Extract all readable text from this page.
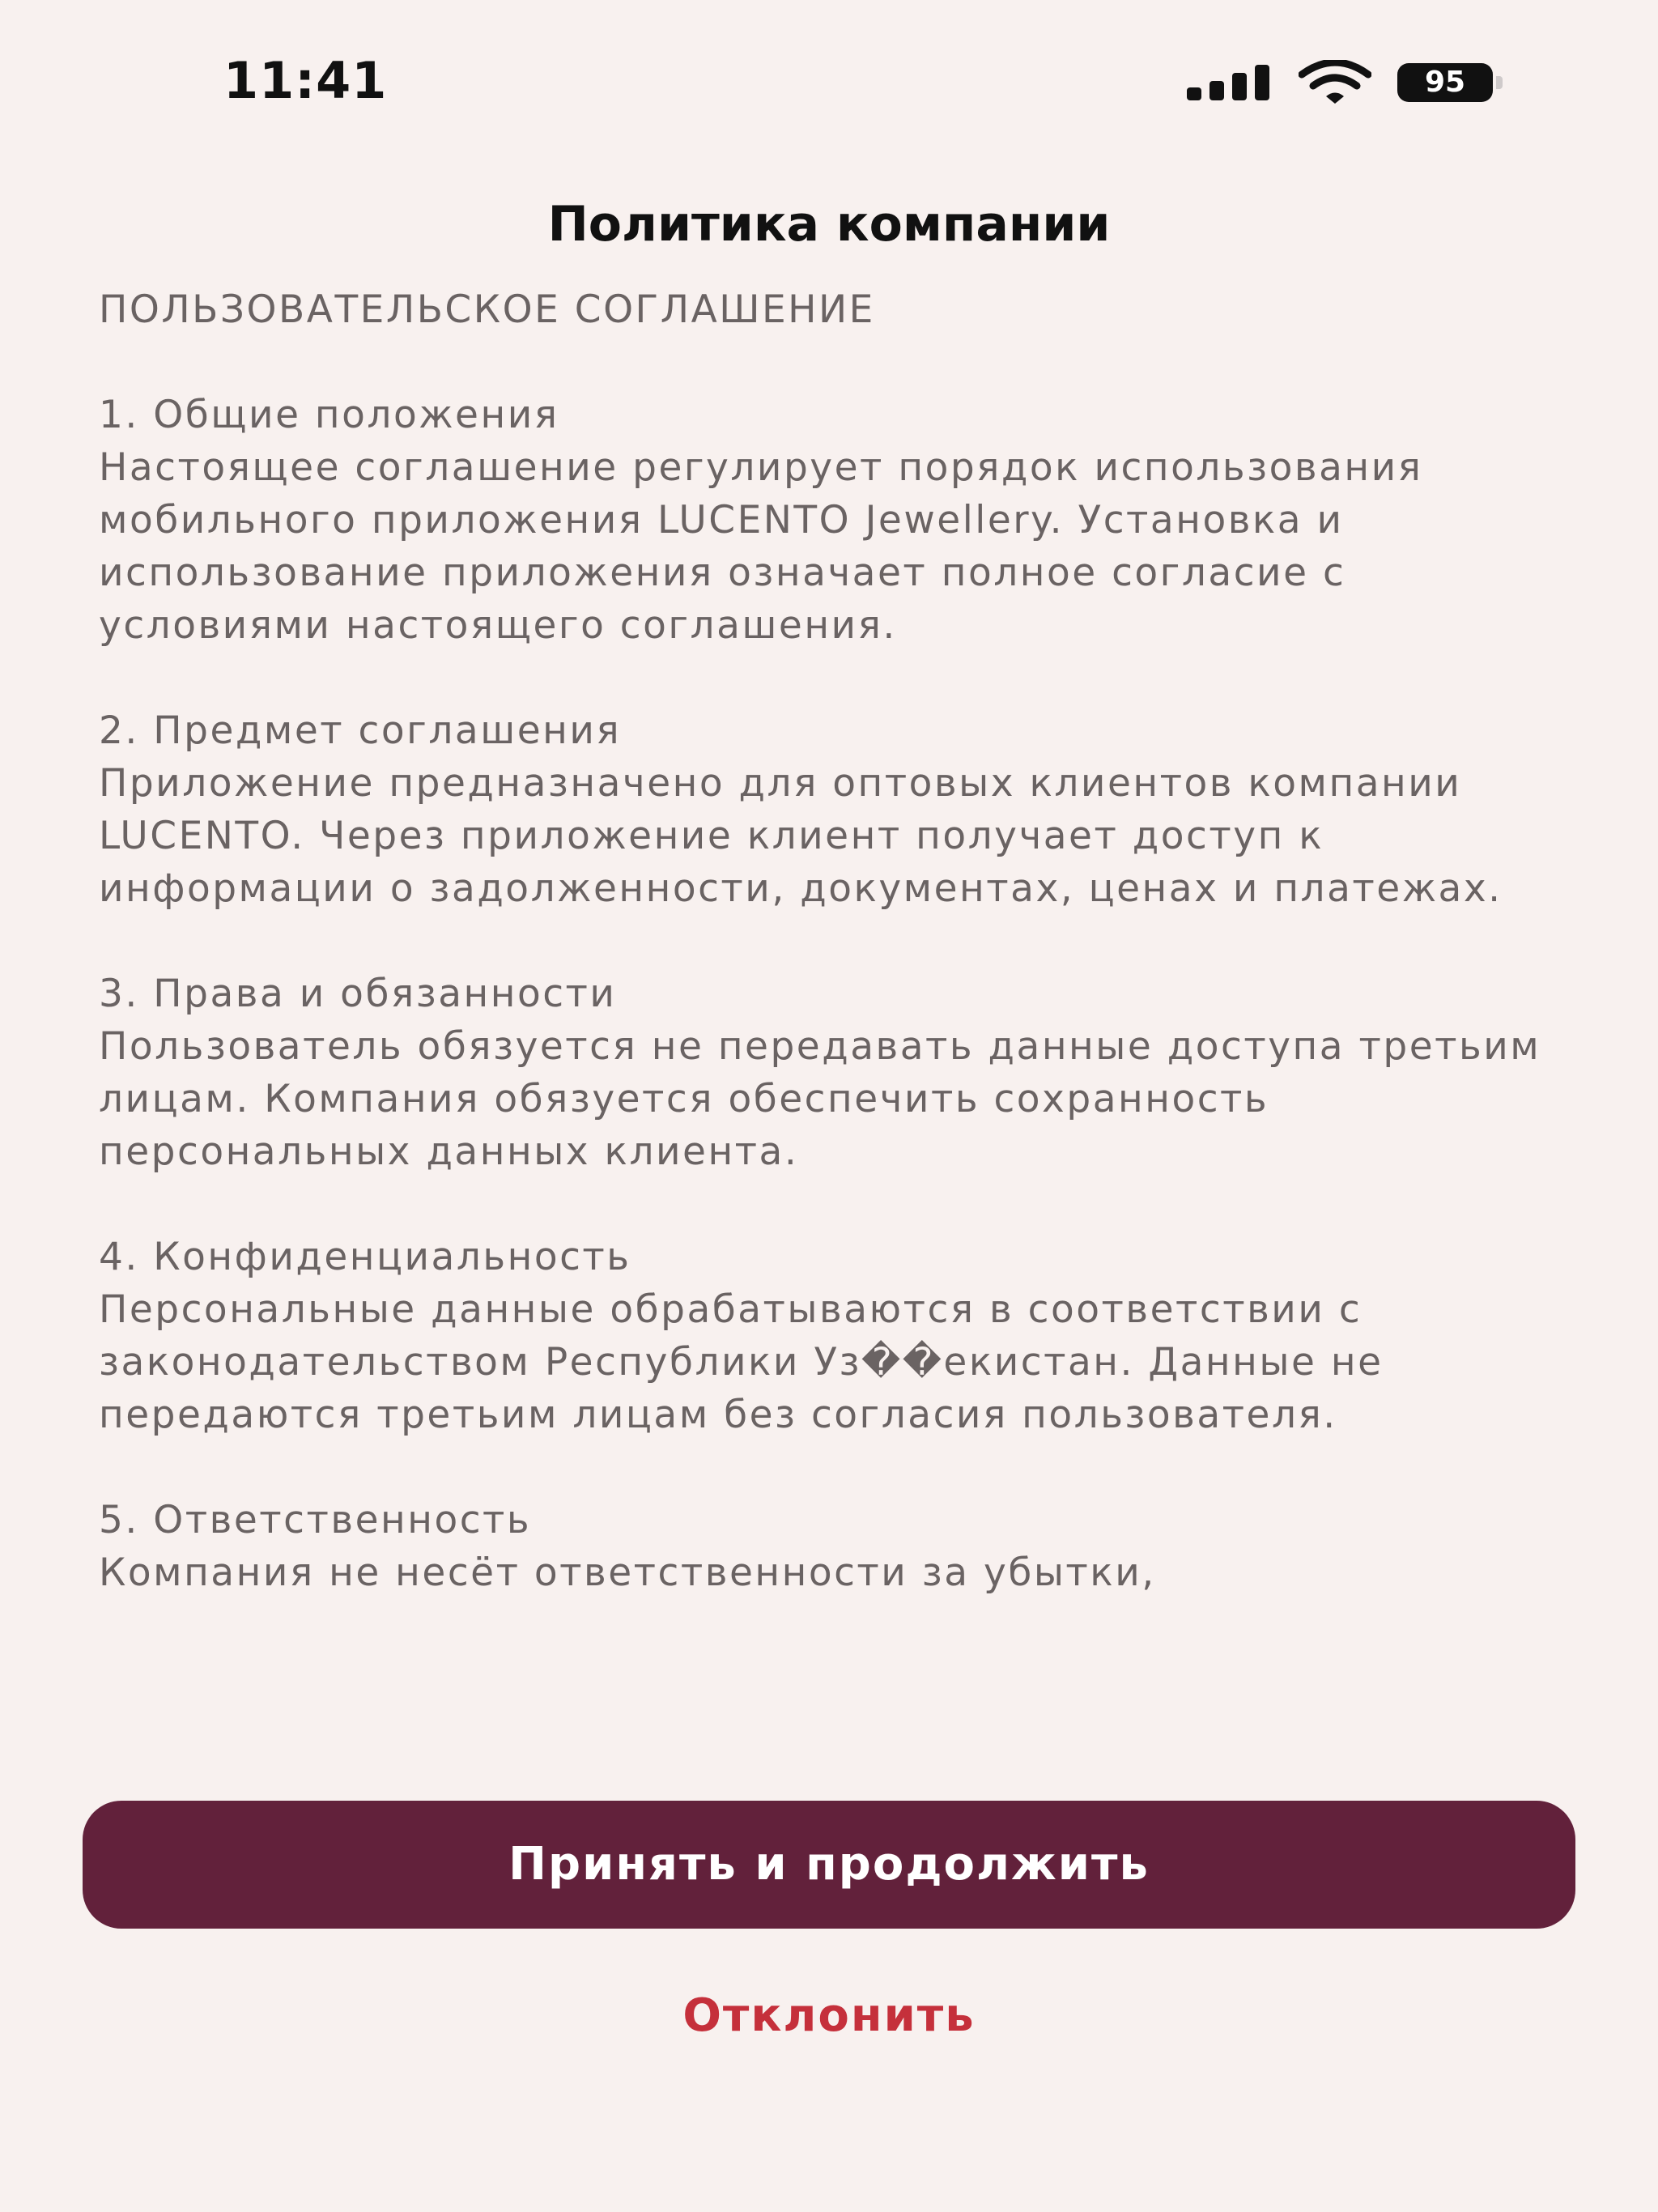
11:41	95
Политика компании
ПОЛЬЗОВАТЕЛЬСКОЕ СОГЛАШЕНИЕ
1. Общие положения
Настоящее соглашение регулирует порядок использования мобильного приложения LUCENTO Jewellery. Установка и использование приложения означает полное согласие с условиями настоящего соглашения.
2. Предмет соглашения
Приложение предназначено для оптовых клиентов компании LUCENTO. Через приложение клиент получает доступ к информации о задолженности, документах, ценах и платежах.
3. Права и обязанности
Пользователь обязуется не передавать данные доступа третьим лицам. Компания обязуется обеспечить сохранность персональных данных клиента.
4. Конфиденциальность
Персональные данные обрабатываются в соответствии с законодательством Республики Уз��екистан. Данные не передаются третьим лицам без согласия пользователя.
5. Ответственность
Компания не несёт ответственности за убытки,
Принять и продолжить
Отклонить
